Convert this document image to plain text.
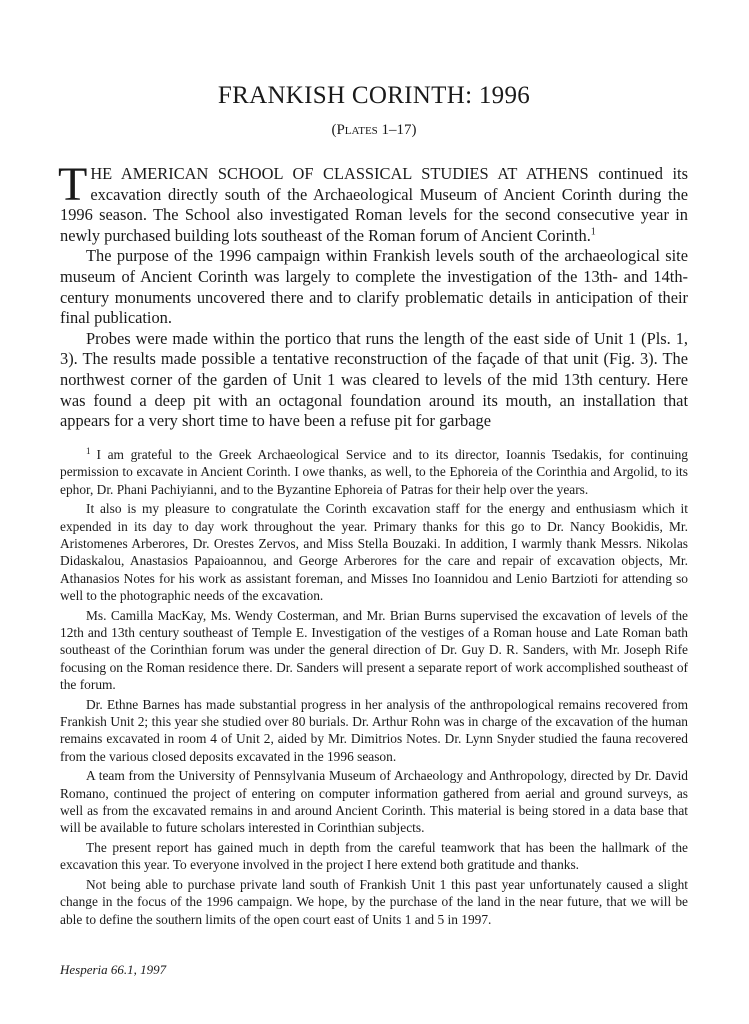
FRANKISH CORINTH: 1996
(Plates 1–17)

THE AMERICAN SCHOOL OF CLASSICAL STUDIES AT ATHENS continued its excavation directly south of the Archaeological Museum of Ancient Corinth during the 1996 season. The School also investigated Roman levels for the second consecutive year in newly purchased building lots southeast of the Roman forum of Ancient Corinth.$^1$

The purpose of the 1996 campaign within Frankish levels south of the archaeological site museum of Ancient Corinth was largely to complete the investigation of the 13th- and 14th-century monuments uncovered there and to clarify problematic details in anticipation of their final publication.

Probes were made within the portico that runs the length of the east side of Unit 1 (Pls. 1, 3). The results made possible a tentative reconstruction of the façade of that unit (Fig. 3). The northwest corner of the garden of Unit 1 was cleared to levels of the mid 13th century. Here was found a deep pit with an octagonal foundation around its mouth, an installation that appears for a very short time to have been a refuse pit for garbage

$^1$ I am grateful to the Greek Archaeological Service and to its director, Ioannis Tsedakis, for continuing permission to excavate in Ancient Corinth. I owe thanks, as well, to the Ephoreia of the Corinthia and Argolid, to its ephor, Dr. Phani Pachiyianni, and to the Byzantine Ephoreia of Patras for their help over the years.

It also is my pleasure to congratulate the Corinth excavation staff for the energy and enthusiasm which it expended in its day to day work throughout the year. Primary thanks for this go to Dr. Nancy Bookidis, Mr. Aristomenes Arberores, Dr. Orestes Zervos, and Miss Stella Bouzaki. In addition, I warmly thank Messrs. Nikolas Didaskalou, Anastasios Papaioannou, and George Arberores for the care and repair of excavation objects, Mr. Athanasios Notes for his work as assistant foreman, and Misses Ino Ioannidou and Lenio Bartzioti for attending so well to the photographic needs of the excavation.

Ms. Camilla MacKay, Ms. Wendy Costerman, and Mr. Brian Burns supervised the excavation of levels of the 12th and 13th century southeast of Temple E. Investigation of the vestiges of a Roman house and Late Roman bath southeast of the Corinthian forum was under the general direction of Dr. Guy D. R. Sanders, with Mr. Joseph Rife focusing on the Roman residence there. Dr. Sanders will present a separate report of work accomplished southeast of the forum.

Dr. Ethne Barnes has made substantial progress in her analysis of the anthropological remains recovered from Frankish Unit 2; this year she studied over 80 burials. Dr. Arthur Rohn was in charge of the excavation of the human remains excavated in room 4 of Unit 2, aided by Mr. Dimitrios Notes. Dr. Lynn Snyder studied the fauna recovered from the various closed deposits excavated in the 1996 season.

A team from the University of Pennsylvania Museum of Archaeology and Anthropology, directed by Dr. David Romano, continued the project of entering on computer information gathered from aerial and ground surveys, as well as from the excavated remains in and around Ancient Corinth. This material is being stored in a data base that will be available to future scholars interested in Corinthian subjects.

The present report has gained much in depth from the careful teamwork that has been the hallmark of the excavation this year. To everyone involved in the project I here extend both gratitude and thanks.

Not being able to purchase private land south of Frankish Unit 1 this past year unfortunately caused a slight change in the focus of the 1996 campaign. We hope, by the purchase of the land in the near future, that we will be able to define the southern limits of the open court east of Units 1 and 5 in 1997.

Hesperia 66.1, 1997
